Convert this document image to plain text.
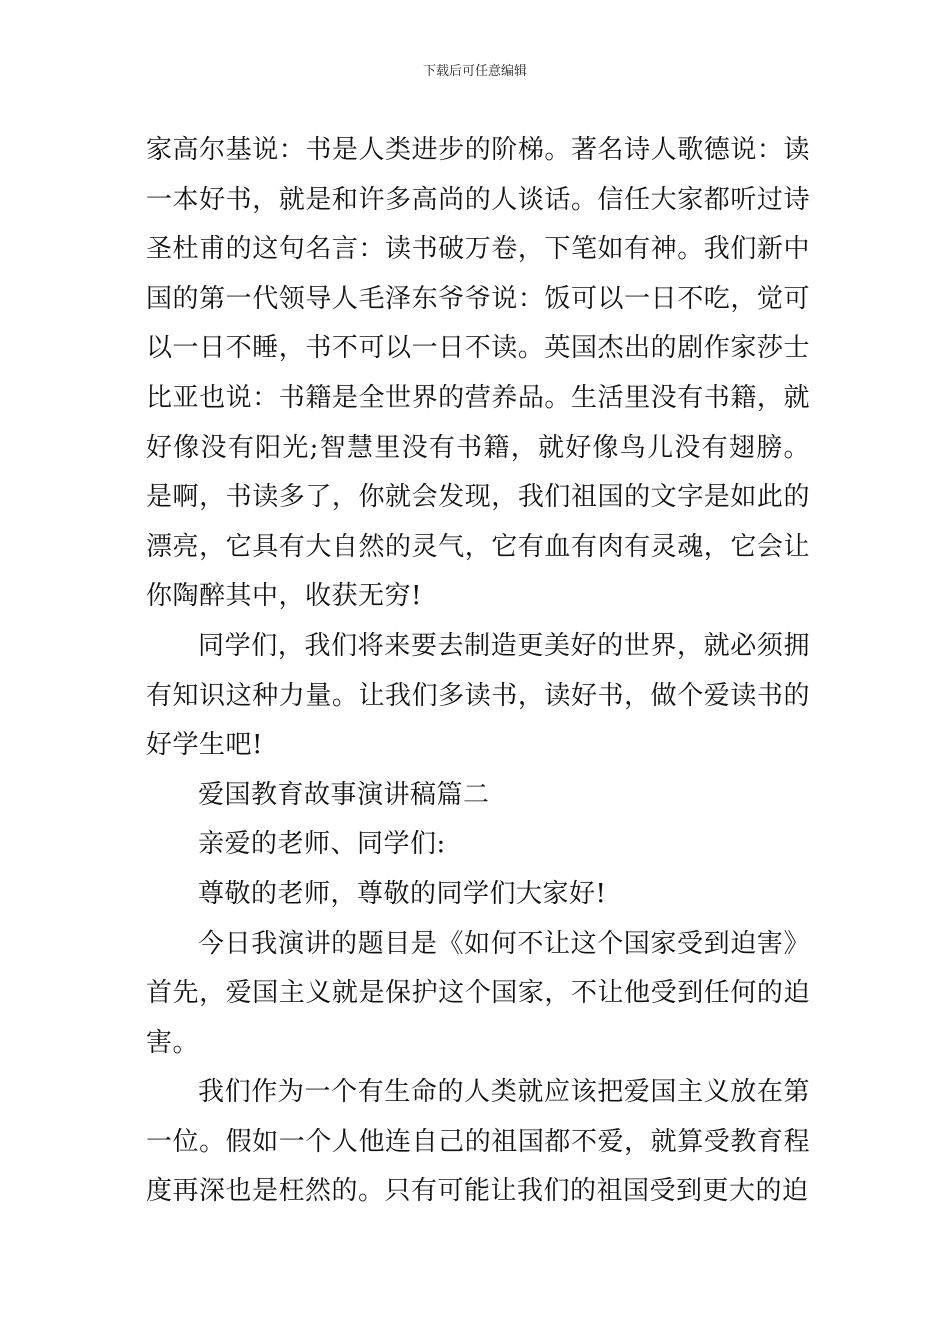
下载后可任意编辑

家高尔基说：书是人类进步的阶梯。著名诗人歌德说：读一本好书，就是和许多高尚的人谈话。信任大家都听过诗圣杜甫的这句名言：读书破万卷，下笔如有神。我们新中国的第一代领导人毛泽东爷爷说：饭可以一日不吃，觉可以一日不睡，书不可以一日不读。英国杰出的剧作家莎士比亚也说：书籍是全世界的营养品。生活里没有书籍，就好像没有阳光;智慧里没有书籍，就好像鸟儿没有翅膀。是啊，书读多了，你就会发现，我们祖国的文字是如此的漂亮，它具有大自然的灵气，它有血有肉有灵魂，它会让你陶醉其中，收获无穷!

同学们，我们将来要去制造更美好的世界，就必须拥有知识这种力量。让我们多读书，读好书，做个爱读书的好学生吧!

爱国教育故事演讲稿篇二

亲爱的老师、同学们:

尊敬的老师，尊敬的同学们大家好!

今日我演讲的题目是《如何不让这个国家受到迫害》首先，爱国主义就是保护这个国家，不让他受到任何的迫害。

我们作为一个有生命的人类就应该把爱国主义放在第一位。假如一个人他连自己的祖国都不爱，就算受教育程度再深也是枉然的。只有可能让我们的祖国受到更大的迫
